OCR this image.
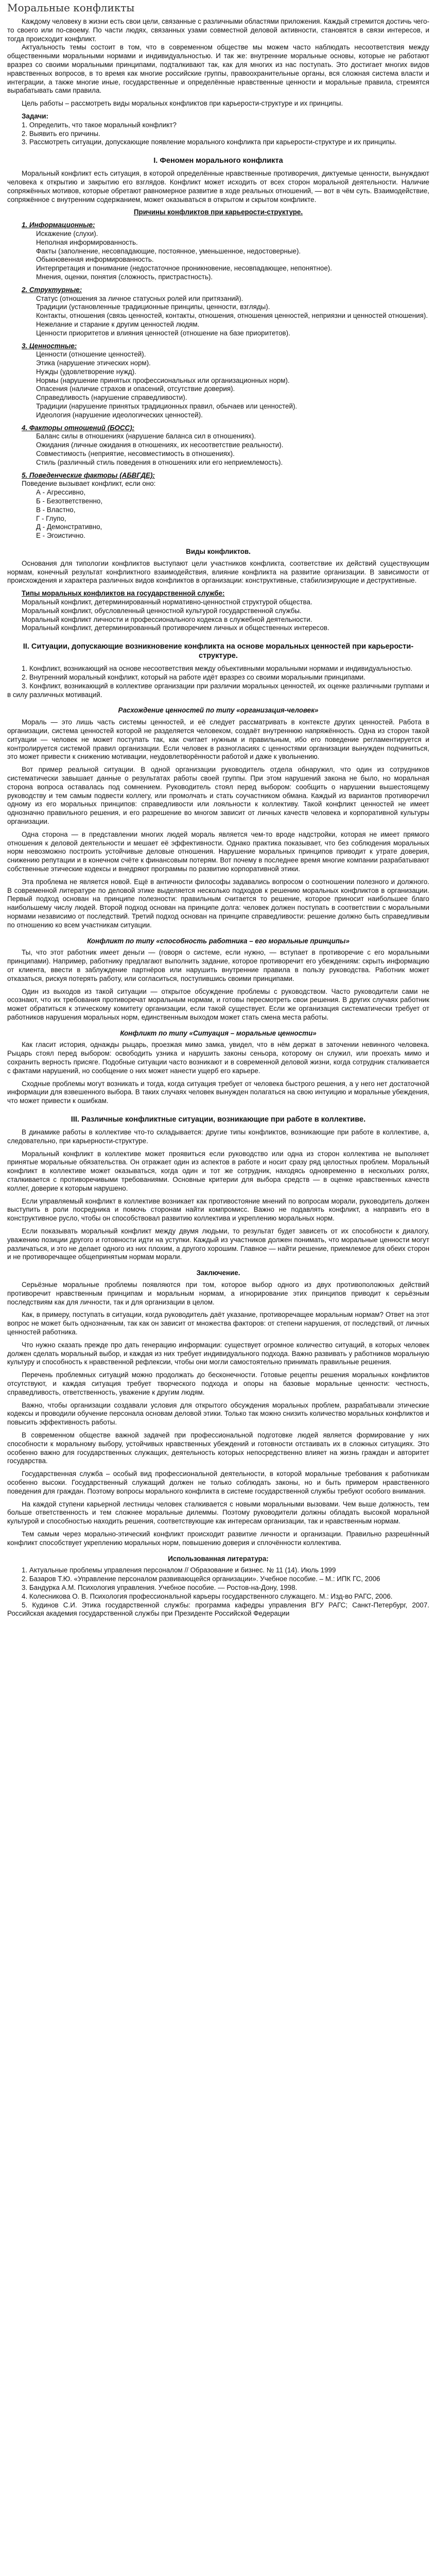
Моральные конфликты

Каждому человеку в жизни есть свои цели, связанные с различными областями приложения. Каждый стремится достичь чего-то своего или по-своему. По части людях, связанных узами совместной деловой активности, становятся в связи интересов, и тогда происходит конфликт.

Актуальность темы состоит в том, что в современном обществе мы можем часто наблюдать несоответствия между общественными моральными нормами и индивидуальностью. И так же: внутренние моральные основы, которые не работают вразрез со своими моральными принципами, подталкивают так, как для многих из нас поступать. Это достигает многих видов нравственных вопросов, в то время как многие российские группы, правоохранительные органы, вся сложная система власти и интеграции, а также многие иные, государственные и определённые нравственные ценности и моральные правила, стремятся вырабатывать сами правила.

Цель работы – рассмотреть виды моральных конфликтов при карьерости-структуре и их принципы.

Задачи:

1. Определить, что такое моральный конфликт?

2. Выявить его причины.

3. Рассмотреть ситуации, допускающие появление морального конфликта при карьерости-структуре и их принципы.

I. Феномен морального конфликта

Моральный конфликт есть ситуация, в которой определённые нравственные противоречия, диктуемые ценности, вынуждают человека к открытию и закрытию его взглядов. Конфликт может исходить от всех сторон моральной деятельности. Наличие сопряжённых мотивов, которые обретают равномерное развитие в ходе реальных отношений, — вот в чём суть. Взаимодействие, сопряжённое с внутренним содержанием, может оказываться в открытом и скрытом конфликте.

Причины конфликтов при карьерости-структуре.

1. Информационные:

Искажение (слухи).

Неполная информированность.

Факты (заполнение, несовпадающие, постоянное, уменьшенное, недостоверные).

Обыкновенная информированность.

Интерпретация и понимание (недостаточное проникновение, несовпадающее, непонятное).

Мнения, оценки, понятия (сложность, пристрастность).

2. Структурные:

Статус (отношения за личное статусных ролей или притязаний).

Традиции (установленные традиционные принципы, ценности, взгляды).

Контакты, отношения (связь ценностей, контакты, отношения, отношения ценностей, неприязни и ценностей отношения).

Нежелание и старание к другим ценностей людям.

Ценности приоритетов и влияния ценностей (отношение на базе приоритетов).

3. Ценностные:

Ценности (отношение ценностей).

Этика (нарушение этических норм).

Нужды (удовлетворение нужд).

Нормы (нарушение принятых профессиональных или организационных норм).

Опасения (наличие страхов и опасений, отсутствие доверия).

Справедливость (нарушение справедливости).

Традиции (нарушение принятых традиционных правил, обычаев или ценностей).

Идеология (нарушение идеологических ценностей).

4. Факторы отношений (БОСС):

Баланс силы в отношениях (нарушение баланса сил в отношениях).

Ожидания (личные ожидания в отношениях, их несоответствие реальности).

Совместимость (неприятие, несовместимость в отношениях).

Стиль (различный стиль поведения в отношениях или его неприемлемость).

5. Поведенческие факторы (АБВГДЕ):

Поведение вызывает конфликт, если оно:

А - Агрессивно,

Б - Безответственно,

В - Властно,

Г - Глупо,

Д - Демонстративно,

Е - Эгоистично.

Виды конфликтов.

Основания для типологии конфликтов выступают цели участников конфликта, соответствие их действий существующим нормам, конечный результат конфликтного взаимодействия, влияние конфликта на развитие организации. В зависимости от происхождения и характера различных видов конфликтов в организации: конструктивные, стабилизирующие и деструктивные.

Типы моральных конфликтов на государственной службе:

Моральный конфликт, детерминированный нормативно-ценностной структурой общества.

Моральный конфликт, обусловленный ценностной культурой государственной службы.

Моральный конфликт личности и профессионального кодекса в служебной деятельности.

Моральный конфликт, детерминированный противоречием личных и общественных интересов.

II. Ситуации, допускающие возникновение конфликта на основе моральных ценностей при карьерости-структуре.

1. Конфликт, возникающий на основе несоответствия между объективными моральными нормами и индивидуальностью.

2. Внутренний моральный конфликт, который на работе идёт вразрез со своими моральными принципами.

3. Конфликт, возникающий в коллективе организации при различии моральных ценностей, их оценке различными группами и в силу различных мотиваций.

Расхождение ценностей по типу «организация-человек»

Мораль — это лишь часть системы ценностей, и её следует рассматривать в контексте других ценностей. Работа в организации, система ценностей которой не разделяется человеком, создаёт внутреннюю напряжённость. Одна из сторон такой ситуации — человек не может поступать так, как считает нужным и правильным, ибо его поведение регламентируется и контролируется системой правил организации. Если человек в разногласиях с ценностями организации вынужден подчиниться, это может привести к снижению мотивации, неудовлетворённости работой и даже к увольнению.

Вот пример реальной ситуации. В одной организации руководитель отдела обнаружил, что один из сотрудников систематически завышает данные о результатах работы своей группы. При этом нарушений закона не было, но моральная сторона вопроса оставалась под сомнением. Руководитель стоял перед выбором: сообщить о нарушении вышестоящему руководству и тем самым подвести коллегу, или промолчать и стать соучастником обмана. Каждый из вариантов противоречил одному из его моральных принципов: справедливости или лояльности к коллективу. Такой конфликт ценностей не имеет однозначно правильного решения, и его разрешение во многом зависит от личных качеств человека и корпоративной культуры организации.

Одна сторона — в представлении многих людей мораль является чем-то вроде надстройки, которая не имеет прямого отношения к деловой деятельности и мешает её эффективности. Однако практика показывает, что без соблюдения моральных норм невозможно построить устойчивые деловые отношения. Нарушение моральных принципов приводит к утрате доверия, снижению репутации и в конечном счёте к финансовым потерям. Вот почему в последнее время многие компании разрабатывают собственные этические кодексы и внедряют программы по развитию корпоративной этики.

Эта проблема не является новой. Ещё в античности философы задавались вопросом о соотношении полезного и должного. В современной литературе по деловой этике выделяется несколько подходов к решению моральных конфликтов в организации. Первый подход основан на принципе полезности: правильным считается то решение, которое приносит наибольшее благо наибольшему числу людей. Второй подход основан на принципе долга: человек должен поступать в соответствии с моральными нормами независимо от последствий. Третий подход основан на принципе справедливости: решение должно быть справедливым по отношению ко всем участникам ситуации.

Конфликт по типу «способность работника – его моральные принципы»

Ты, что этот работник имеет деньги — (говоря о системе, если нужно, — вступает в противоречие с его моральными принципами). Например, работнику предлагают выполнить задание, которое противоречит его убеждениям: скрыть информацию от клиента, ввести в заблуждение партнёров или нарушить внутренние правила в пользу руководства. Работник может отказаться, рискуя потерять работу, или согласиться, поступившись своими принципами.

Один из выходов из такой ситуации — открытое обсуждение проблемы с руководством. Часто руководители сами не осознают, что их требования противоречат моральным нормам, и готовы пересмотреть свои решения. В других случаях работник может обратиться к этическому комитету организации, если такой существует. Если же организация систематически требует от работников нарушения моральных норм, единственным выходом может стать смена места работы.

Конфликт по типу «Ситуация – моральные ценности»

Как гласит история, однажды рыцарь, проезжая мимо замка, увидел, что в нём держат в заточении невинного человека. Рыцарь стоял перед выбором: освободить узника и нарушить законы сеньора, которому он служил, или проехать мимо и сохранить верность присяге. Подобные ситуации часто возникают и в современной деловой жизни, когда сотрудник сталкивается с фактами нарушений, но сообщение о них может нанести ущерб его карьере.

Сходные проблемы могут возникать и тогда, когда ситуация требует от человека быстрого решения, а у него нет достаточной информации для взвешенного выбора. В таких случаях человек вынужден полагаться на свою интуицию и моральные убеждения, что может привести к ошибкам.

III. Различные конфликтные ситуации, возникающие при работе в коллективе.

В динамике работы в коллективе что-то складывается: другие типы конфликтов, возникающие при работе в коллективе, а, следовательно, при карьерности-структуре.

Моральный конфликт в коллективе может проявиться если руководство или одна из сторон коллектива не выполняет принятые моральные обязательства. Он отражает один из аспектов в работе и носит сразу ряд целостных проблем. Моральный конфликт в коллективе может оказываться, когда один и тот же сотрудник, находясь одновременно в нескольких ролях, сталкивается с противоречивыми требованиями. Основные критерии для выбора средств — в оценке нравственных качеств коллег, доверие к которым нарушено.

Если управляемый конфликт в коллективе возникает как противостояние мнений по вопросам морали, руководитель должен выступить в роли посредника и помочь сторонам найти компромисс. Важно не подавлять конфликт, а направить его в конструктивное русло, чтобы он способствовал развитию коллектива и укреплению моральных норм.

Если показывать моральный конфликт между двумя людьми, то результат будет зависеть от их способности к диалогу, уважению позиции другого и готовности идти на уступки. Каждый из участников должен понимать, что моральные ценности могут различаться, и это не делает одного из них плохим, а другого хорошим. Главное — найти решение, приемлемое для обеих сторон и не противоречащее общепринятым нормам морали.

Заключение.

Серьёзные моральные проблемы появляются при том, которое выбор одного из двух противоположных действий противоречит нравственным принципам и моральным нормам, а игнорирование этих принципов приводит к серьёзным последствиям как для личности, так и для организации в целом.

Как, в примеру, поступать в ситуации, когда руководитель даёт указание, противоречащее моральным нормам? Ответ на этот вопрос не может быть однозначным, так как он зависит от множества факторов: от степени нарушения, от последствий, от личных ценностей работника.

Что нужно сказать прежде про дать генерацию информации: существует огромное количество ситуаций, в которых человек должен сделать моральный выбор, и каждая из них требует индивидуального подхода. Важно развивать у работников моральную культуру и способность к нравственной рефлексии, чтобы они могли самостоятельно принимать правильные решения.

Перечень проблемных ситуаций можно продолжать до бесконечности. Готовые рецепты решения моральных конфликтов отсутствуют, и каждая ситуация требует творческого подхода и опоры на базовые моральные ценности: честность, справедливость, ответственность, уважение к другим людям.

Важно, чтобы организации создавали условия для открытого обсуждения моральных проблем, разрабатывали этические кодексы и проводили обучение персонала основам деловой этики. Только так можно снизить количество моральных конфликтов и повысить эффективность работы.

В современном обществе важной задачей при профессиональной подготовке людей является формирование у них способности к моральному выбору, устойчивых нравственных убеждений и готовности отстаивать их в сложных ситуациях. Это особенно важно для государственных служащих, деятельность которых непосредственно влияет на жизнь граждан и авторитет государства.

Государственная служба – особый вид профессиональной деятельности, в которой моральные требования к работникам особенно высоки. Государственный служащий должен не только соблюдать законы, но и быть примером нравственного поведения для граждан. Поэтому вопросы морального конфликта в системе государственной службы требуют особого внимания.

На каждой ступени карьерной лестницы человек сталкивается с новыми моральными вызовами. Чем выше должность, тем больше ответственность и тем сложнее моральные дилеммы. Поэтому руководители должны обладать высокой моральной культурой и способностью находить решения, соответствующие как интересам организации, так и нравственным нормам.

Тем самым через морально-этический конфликт происходит развитие личности и организации. Правильно разрешённый конфликт способствует укреплению моральных норм, повышению доверия и сплочённости коллектива.

Использованная литература:

1. Актуальные проблемы управления персоналом // Образование и бизнес. № 11 (14). Июль 1999

2. Базаров Т.Ю. «Управление персоналом развивающейся организации». Учебное пособие. – М.: ИПК ГС, 2006

3. Бандурка А.М. Психология управления. Учебное пособие. — Ростов-на-Дону, 1998.

4. Колесникова О. В. Психология профессиональной карьеры государственного служащего. М.: Изд-во РАГС, 2006.

5. Кудинов С.И. Этика государственной службы: программа кафедры управления ВГУ РАГС; Санкт-Петербург, 2007. Российская академия государственной службы при Президенте Российской Федерации
